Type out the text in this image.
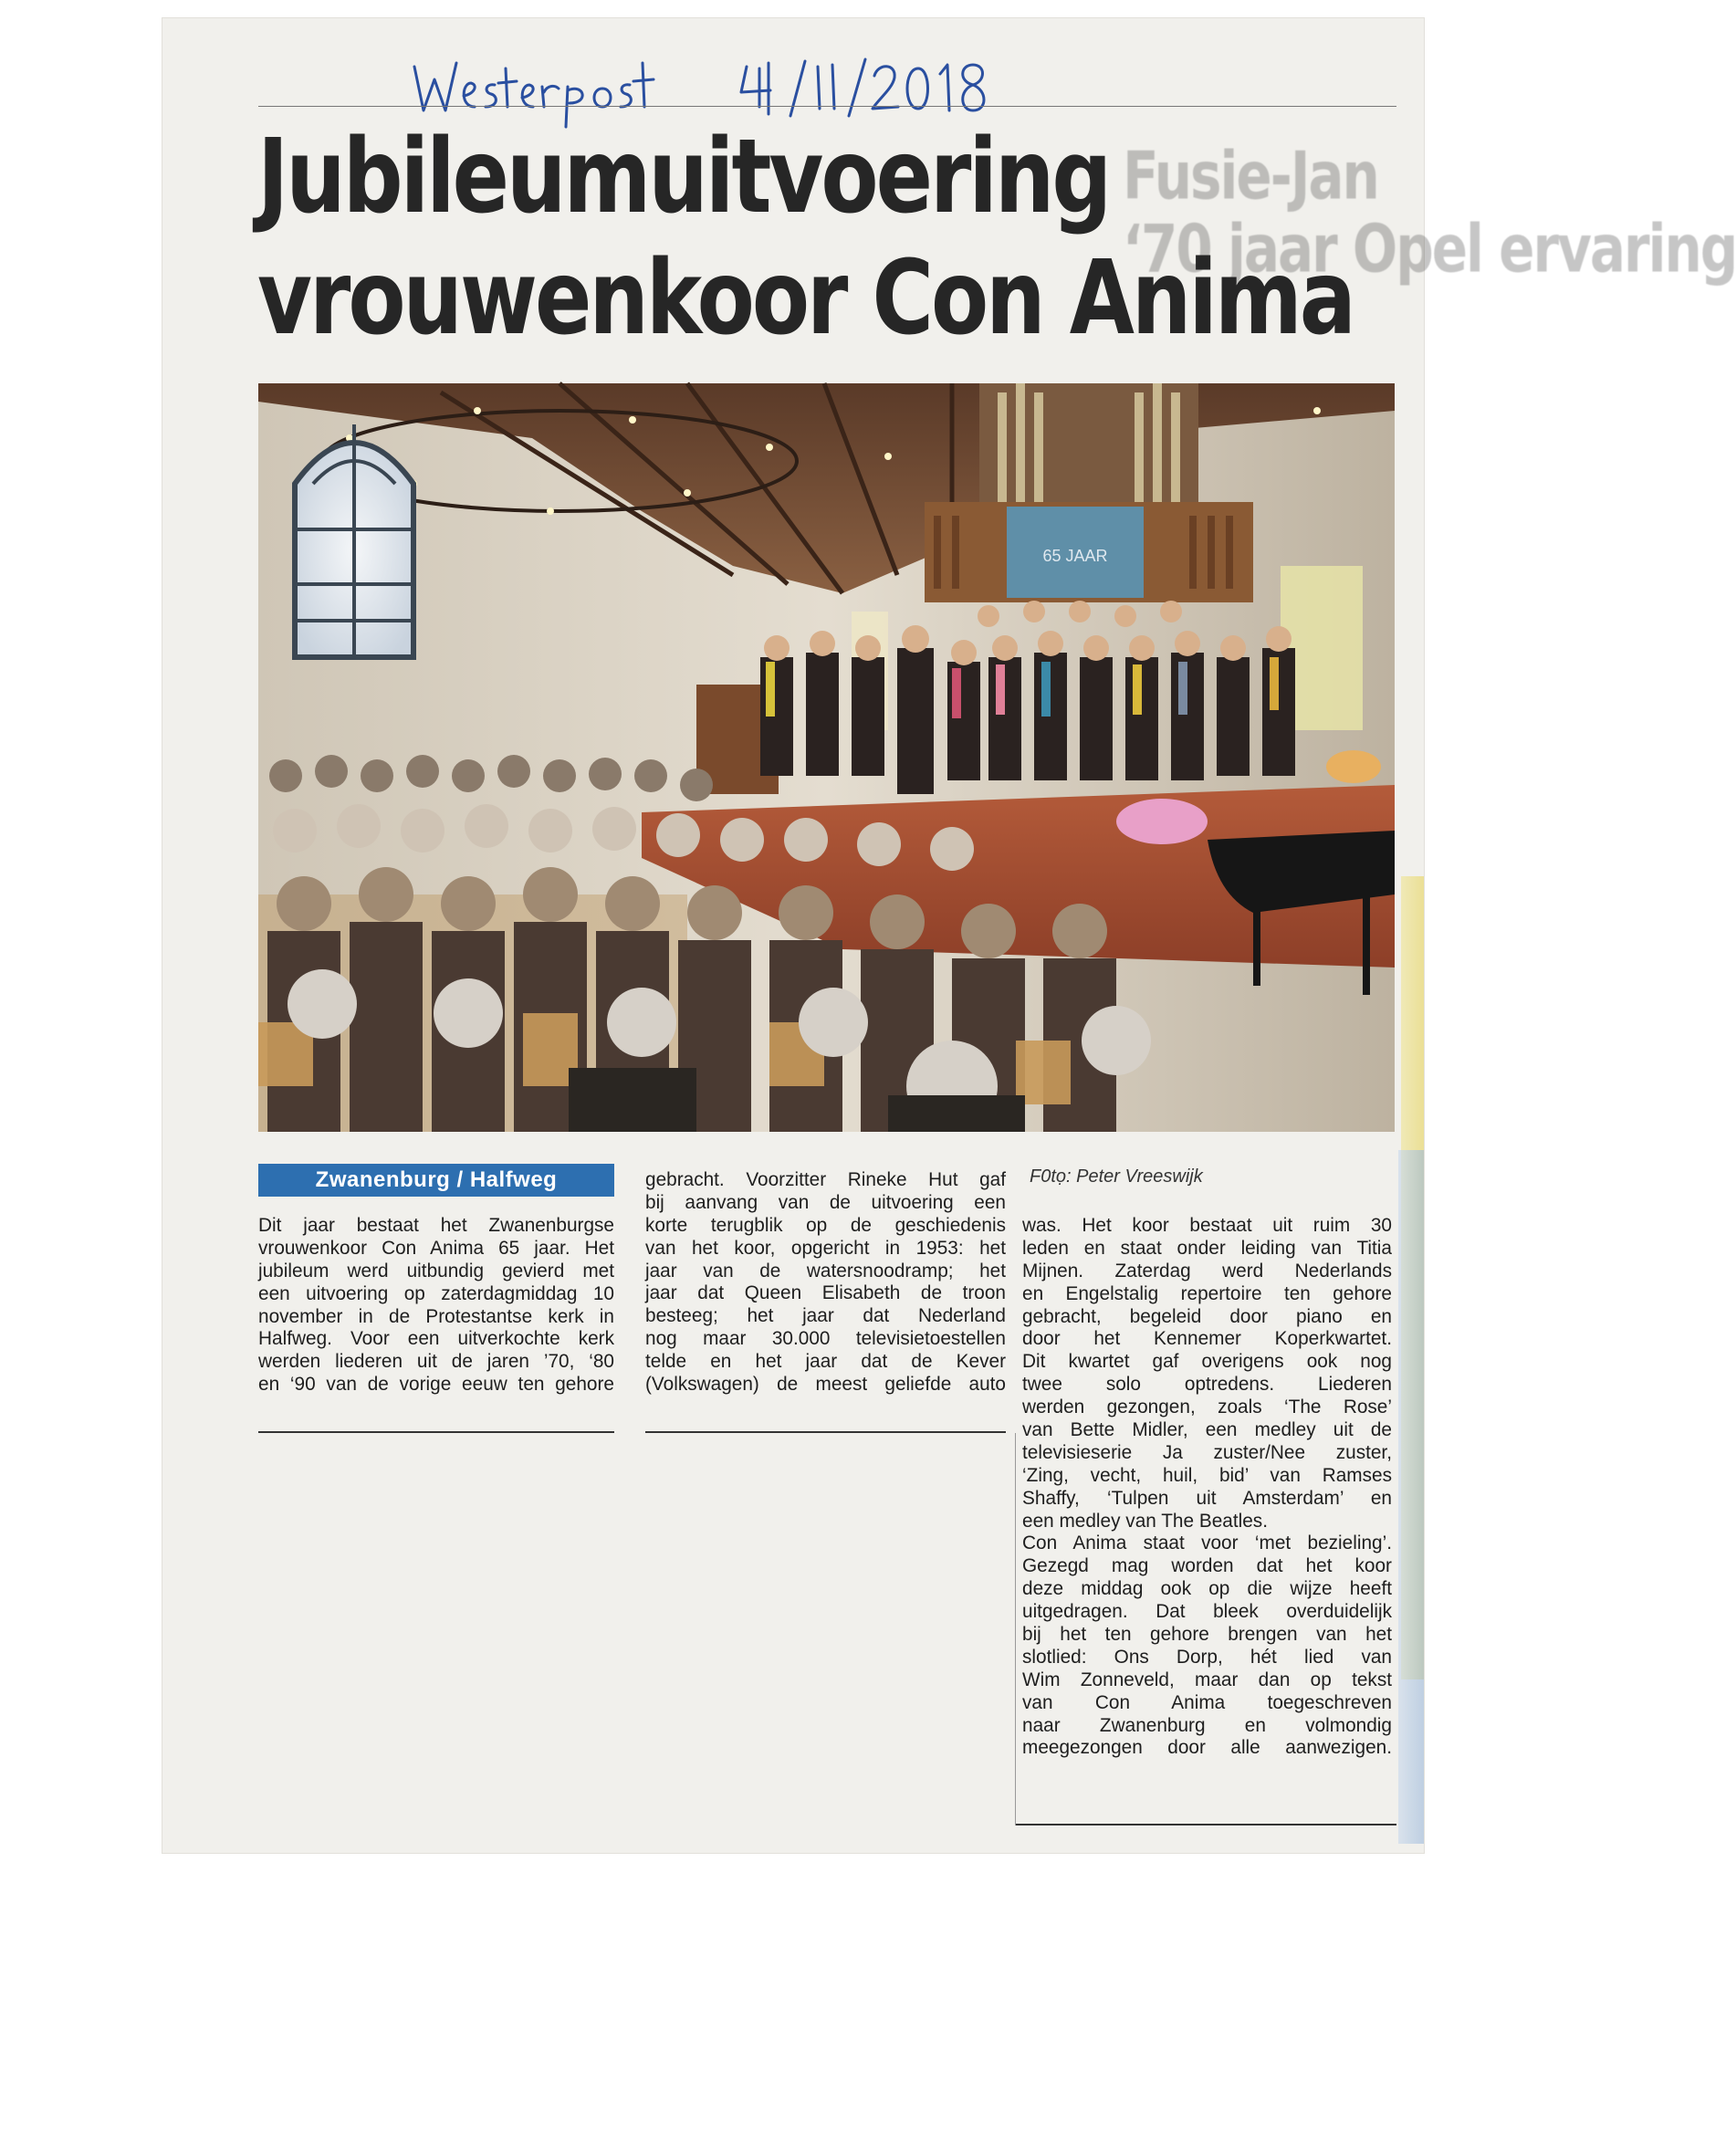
Fusie-Jan
‘70 jaar Opel ervaring
Jubileumuitvoering
vrouwenkoor Con Anima
65 JAAR
Zwanenburg / Halfweg	F0tọ: Peter Vreeswijk
Dit jaar bestaat het Zwanenburgse
vrouwenkoor Con Anima 65 jaar. Het
jubileum werd uitbundig gevierd met
een uitvoering op zaterdagmiddag 10
november in de Protestantse kerk in
Halfweg. Voor een uitverkochte kerk
werden liederen uit de jaren ’70, ‘80
en ‘90 van de vorige eeuw ten gehore
gebracht. Voorzitter Rineke Hut gaf
bij aanvang van de uitvoering een
korte terugblik op de geschiedenis
van het koor, opgericht in 1953: het
jaar van de watersnoodramp; het
jaar dat Queen Elisabeth de troon
besteeg; het jaar dat Nederland
nog maar 30.000 televisietoestellen
telde en het jaar dat de Kever
(Volkswagen) de meest geliefde auto
was. Het koor bestaat uit ruim 30
leden en staat onder leiding van Titia
Mijnen. Zaterdag werd Nederlands
en Engelstalig repertoire ten gehore
gebracht, begeleid door piano en
door het Kennemer Koperkwartet.
Dit kwartet gaf overigens ook nog
twee solo optredens. Liederen
werden gezongen, zoals ‘The Rose’
van Bette Midler, een medley uit de
televisieserie Ja zuster/Nee zuster,
‘Zing, vecht, huil, bid’ van Ramses
Shaffy, ‘Tulpen uit Amsterdam’ en
een medley van The Beatles.
Con Anima staat voor ‘met bezieling’.
Gezegd mag worden dat het koor
deze middag ook op die wijze heeft
uitgedragen. Dat bleek overduidelijk
bij het ten gehore brengen van het
slotlied: Ons Dorp, hét lied van
Wim Zonneveld, maar dan op tekst
van Con Anima toegeschreven
naar Zwanenburg en volmondig
meegezongen door alle aanwezigen.
